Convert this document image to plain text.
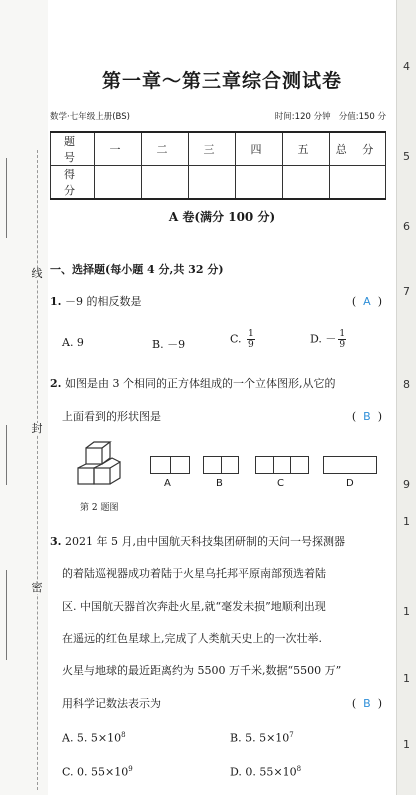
线
封
密
4
5
6
7
8
9
1
1
1
1
第一章～第三章综合测试卷
数学·七年级上册(BS)	时间:120 分钟 分值:150 分
题 号	一	二	三	四	五	总 分
得 分						
A 卷(满分 100 分)
一、选择题(每小题 4 分,共 32 分)
1. －9 的相反数是	( A )
A. 9	B. －9	C. $\frac{1}{9}$	D. － $\frac{1}{9}$
2. 如图是由 3 个相同的正方体组成的一个立体图形,从它的
上面看到的形状图是	( B )
A	B	C	D
第 2 题图
3. 2021 年 5 月,由中国航天科技集团研制的天问一号探测器
的着陆巡视器成功着陆于火星乌托邦平原南部预选着陆
区. 中国航天器首次奔赴火星,就“毫发未损”地顺利出现
在遥远的红色星球上,完成了人类航天史上的一次壮举.
火星与地球的最近距离约为 5500 万千米,数据“5500 万”
用科学记数法表示为	( B )
A. 5. $5\times 10^8$	B. 5. $5\times 10^7$
C. 0. $55\times 10^9$	D. 0. $55\times 10^8$
